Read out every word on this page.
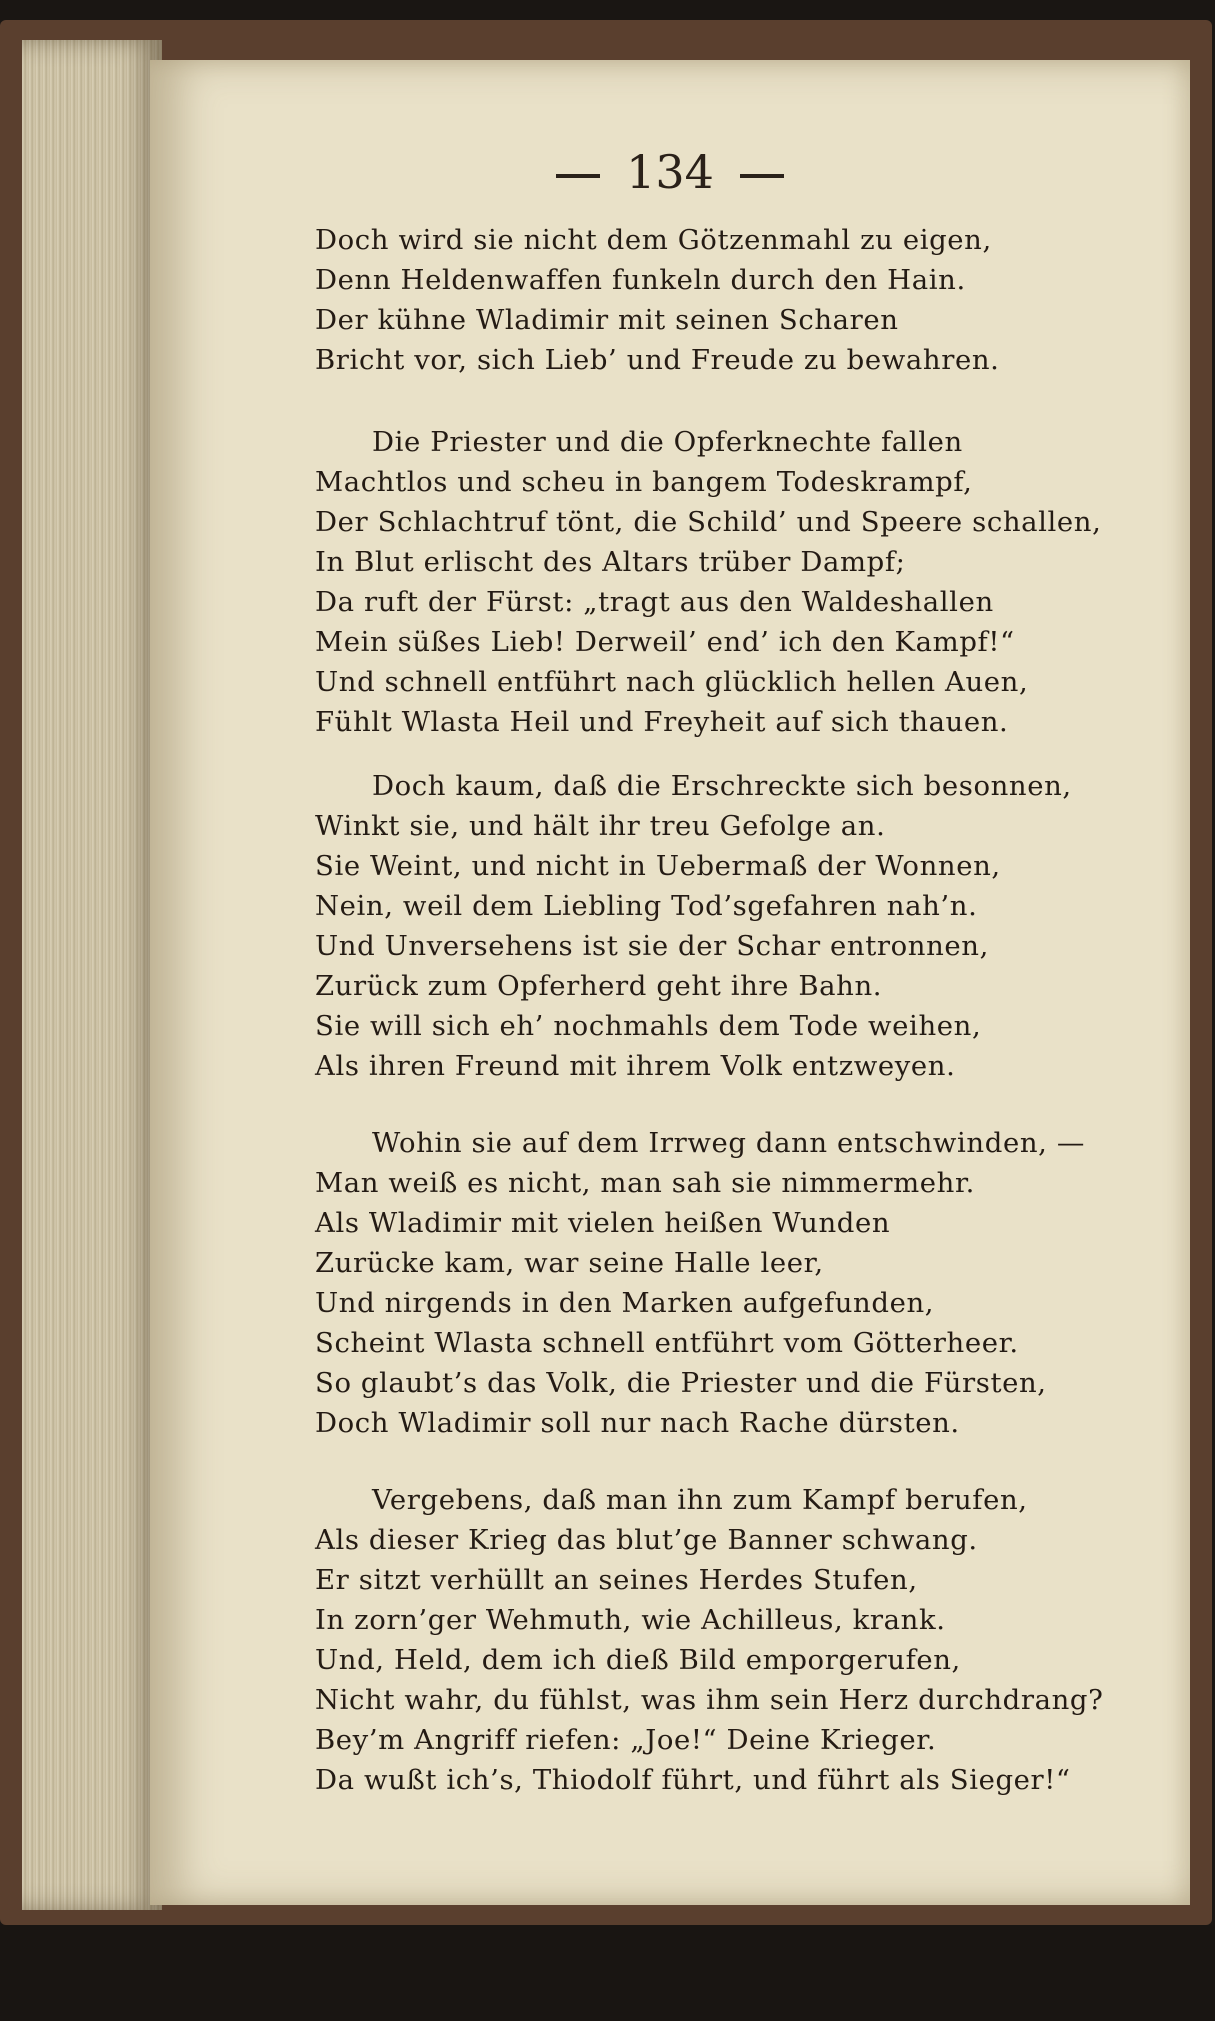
134
Doch wird sie nicht dem Götzenmahl zu eigen,
Denn Heldenwaffen funkeln durch den Hain.
Der kühne Wladimir mit seinen Scharen
Bricht vor, sich Lieb’ und Freude zu bewahren.
Die Priester und die Opferknechte fallen
Machtlos und scheu in bangem Todeskrampf,
Der Schlachtruf tönt, die Schild’ und Speere schallen,
In Blut erlischt des Altars trüber Dampf;
Da ruft der Fürst: „tragt aus den Waldeshallen
Mein süßes Lieb! Derweil’ end’ ich den Kampf!“
Und schnell entführt nach glücklich hellen Auen,
Fühlt Wlasta Heil und Freyheit auf sich thauen.
Doch kaum, daß die Erschreckte sich besonnen,
Winkt sie, und hält ihr treu Gefolge an.
Sie Weint, und nicht in Uebermaß der Wonnen,
Nein, weil dem Liebling Tod’sgefahren nah’n.
Und Unversehens ist sie der Schar entronnen,
Zurück zum Opferherd geht ihre Bahn.
Sie will sich eh’ nochmahls dem Tode weihen,
Als ihren Freund mit ihrem Volk entzweyen.
Wohin sie auf dem Irrweg dann entschwinden, —
Man weiß es nicht, man sah sie nimmermehr.
Als Wladimir mit vielen heißen Wunden
Zurücke kam, war seine Halle leer,
Und nirgends in den Marken aufgefunden,
Scheint Wlasta schnell entführt vom Götterheer.
So glaubt’s das Volk, die Priester und die Fürsten,
Doch Wladimir soll nur nach Rache dürsten.
Vergebens, daß man ihn zum Kampf berufen,
Als dieser Krieg das blut’ge Banner schwang.
Er sitzt verhüllt an seines Herdes Stufen,
In zorn’ger Wehmuth, wie Achilleus, krank.
Und, Held, dem ich dieß Bild emporgerufen,
Nicht wahr, du fühlst, was ihm sein Herz durchdrang?
Bey’m Angriff riefen: „Joe!“ Deine Krieger.
Da wußt ich’s, Thiodolf führt, und führt als Sieger!“
